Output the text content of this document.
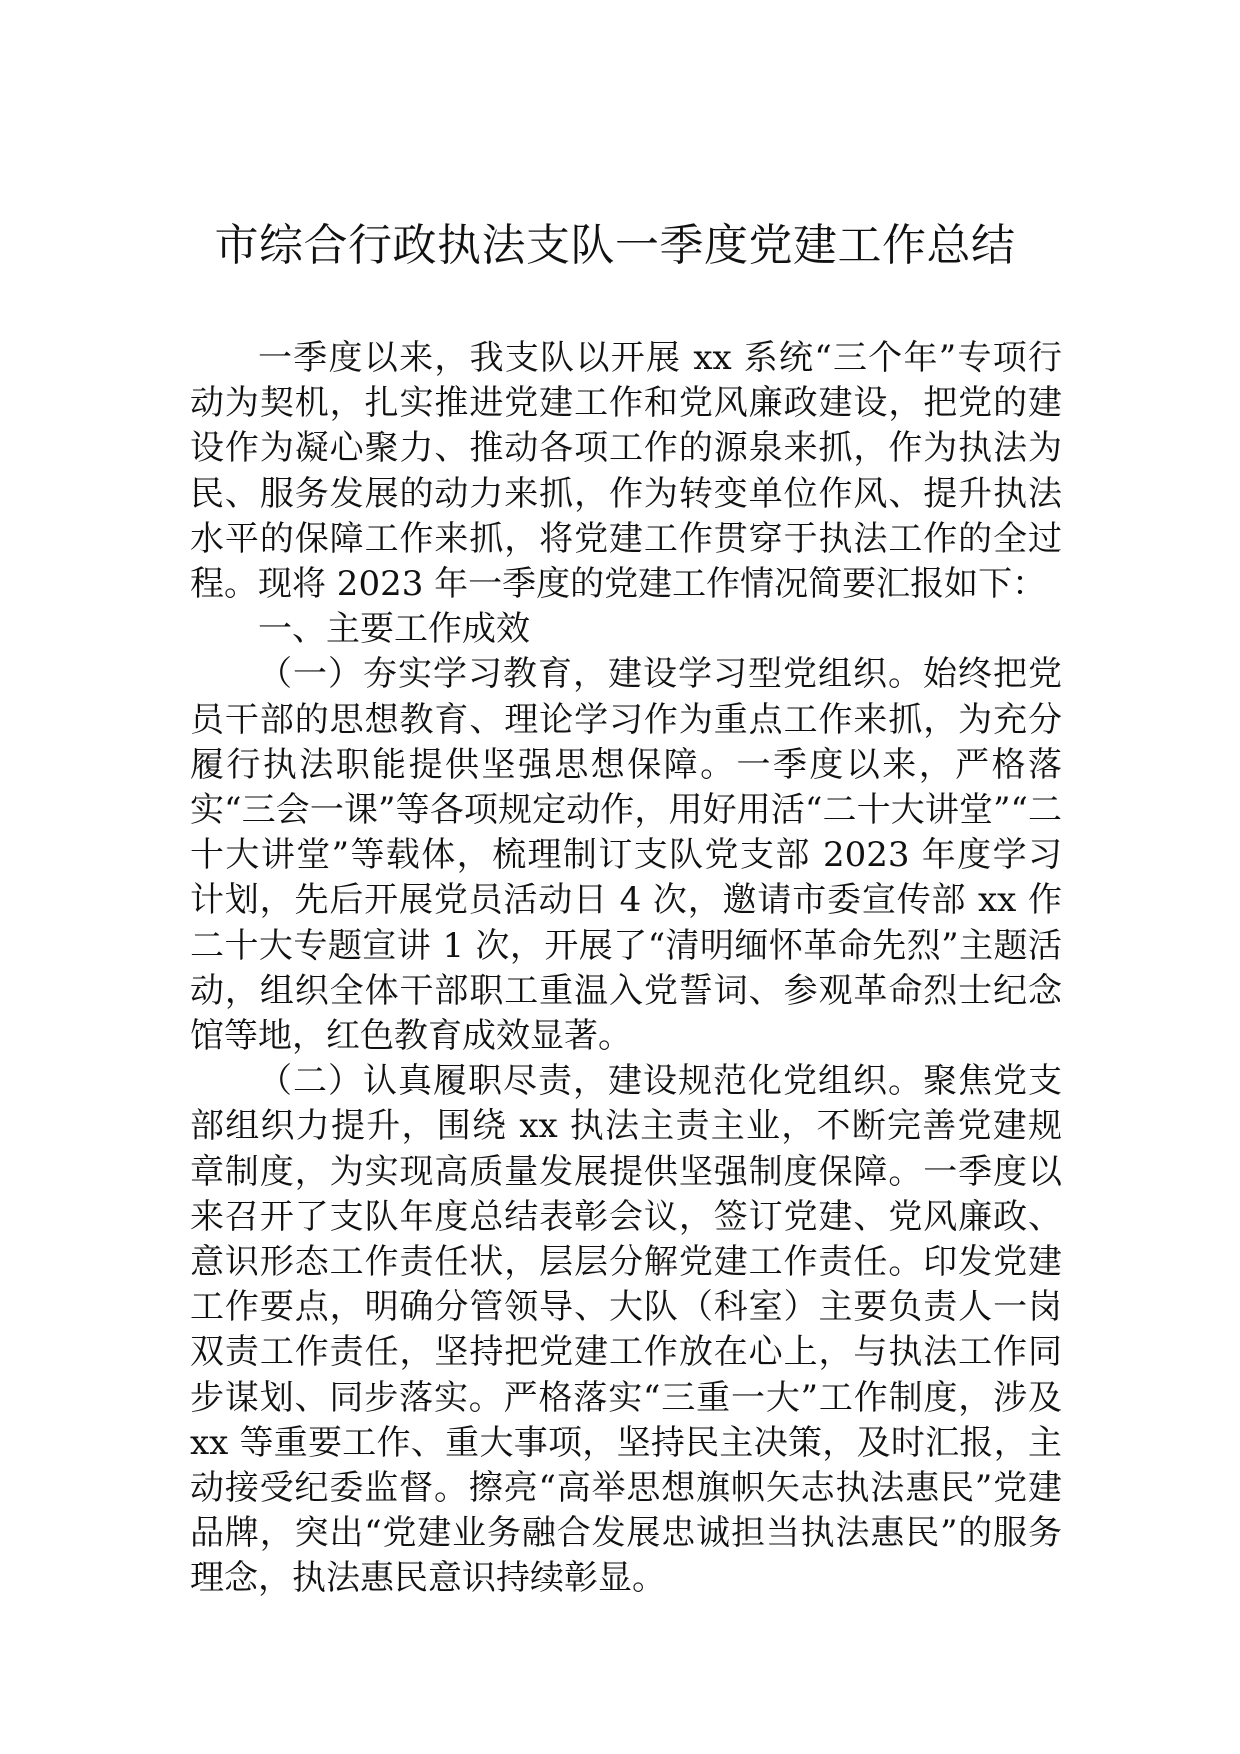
市综合行政执法支队一季度党建工作总结

一季度以来，我支队以开展 xx 系统“三个年”专项行动为契机，扎实推进党建工作和党风廉政建设，把党的建设作为凝心聚力、推动各项工作的源泉来抓，作为执法为民、服务发展的动力来抓，作为转变单位作风、提升执法水平的保障工作来抓，将党建工作贯穿于执法工作的全过程。现将 2023 年一季度的党建工作情况简要汇报如下：

一、主要工作成效

（一）夯实学习教育，建设学习型党组织。始终把党员干部的思想教育、理论学习作为重点工作来抓，为充分履行执法职能提供坚强思想保障。一季度以来，严格落实“三会一课”等各项规定动作，用好用活“二十大讲堂”“二十大讲堂”等载体，梳理制订支队党支部 2023 年度学习计划，先后开展党员活动日 4 次，邀请市委宣传部 xx 作二十大专题宣讲 1 次，开展了“清明缅怀革命先烈”主题活动，组织全体干部职工重温入党誓词、参观革命烈士纪念馆等地，红色教育成效显著。

（二）认真履职尽责，建设规范化党组织。聚焦党支部组织力提升，围绕 xx 执法主责主业，不断完善党建规章制度，为实现高质量发展提供坚强制度保障。一季度以来召开了支队年度总结表彰会议，签订党建、党风廉政、意识形态工作责任状，层层分解党建工作责任。印发党建工作要点，明确分管领导、大队（科室）主要负责人一岗双责工作责任，坚持把党建工作放在心上，与执法工作同步谋划、同步落实。严格落实“三重一大”工作制度，涉及 xx 等重要工作、重大事项，坚持民主决策，及时汇报，主动接受纪委监督。擦亮“高举思想旗帜矢志执法惠民”党建品牌，突出“党建业务融合发展忠诚担当执法惠民”的服务理念，执法惠民意识持续彰显。
